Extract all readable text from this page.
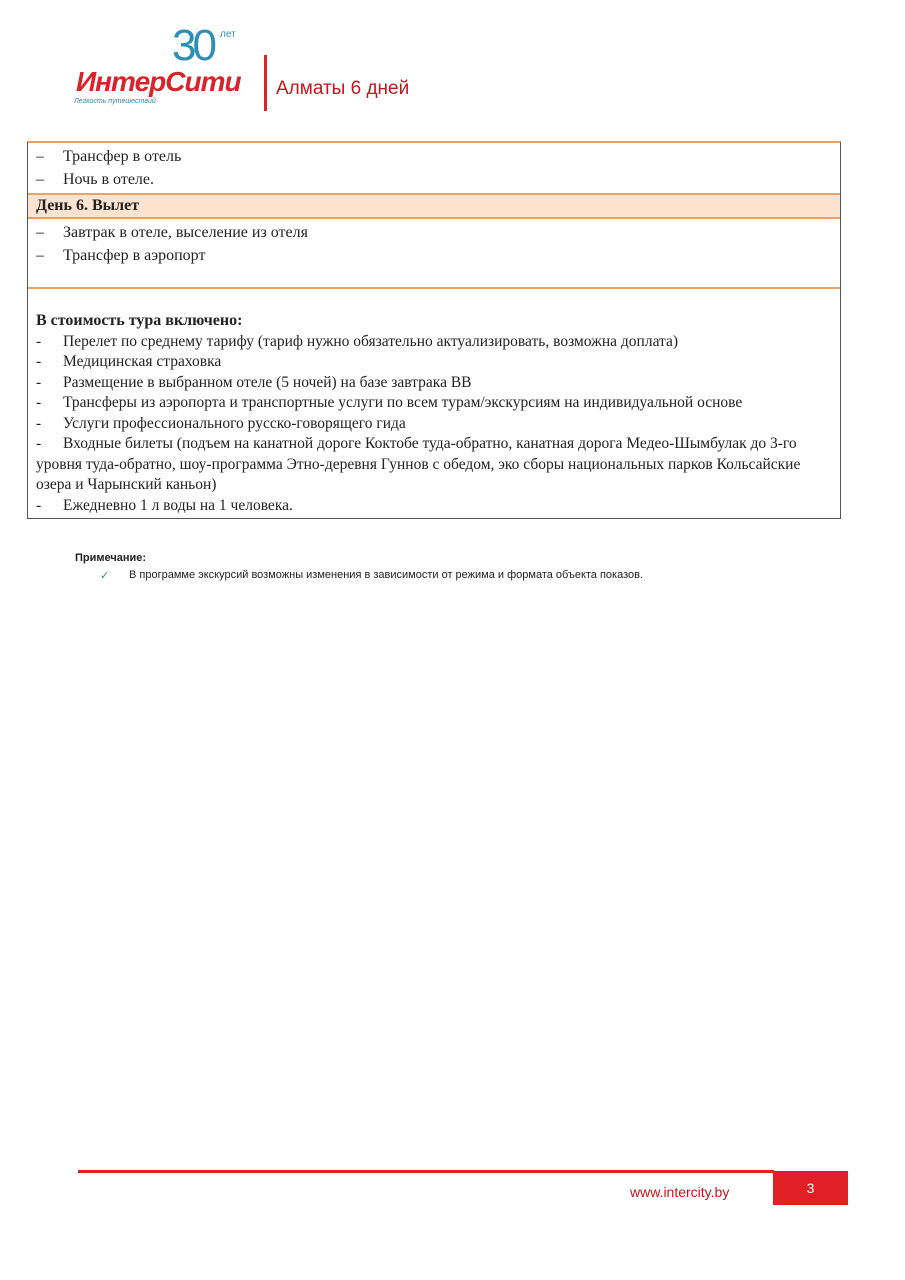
30 лет
ИнтерСити
Легкость путешествий
Алматы 6 дней
–	Трансфер в отель
–	Ночь в отеле.
День 6. Вылет
–	Завтрак в отеле, выселение из отеля
–	Трансфер в аэропорт
В стоимость тура включено:
- Перелет по среднему тарифу (тариф нужно обязательно актуализировать, возможна доплата)
- Медицинская страховка
- Размещение в выбранном отеле (5 ночей) на базе завтрака BB
- Трансферы из аэропорта и транспортные услуги по всем турам/экскурсиям на индивидуальной основе
- Услуги профессионального русско-говорящего гида
- Входные билеты (подъем на канатной дороге Коктобе туда-обратно, канатная дорога Медео-Шымбулак до 3-го уровня туда-обратно, шоу-программа Этно-деревня Гуннов с обедом, эко сборы национальных парков Кольсайские озера и Чарынский каньон)
- Ежедневно 1 л воды на 1 человека.
Примечание:
✓	В программе экскурсий возможны изменения в зависимости от режима и формата объекта показов.
www.intercity.by	3
